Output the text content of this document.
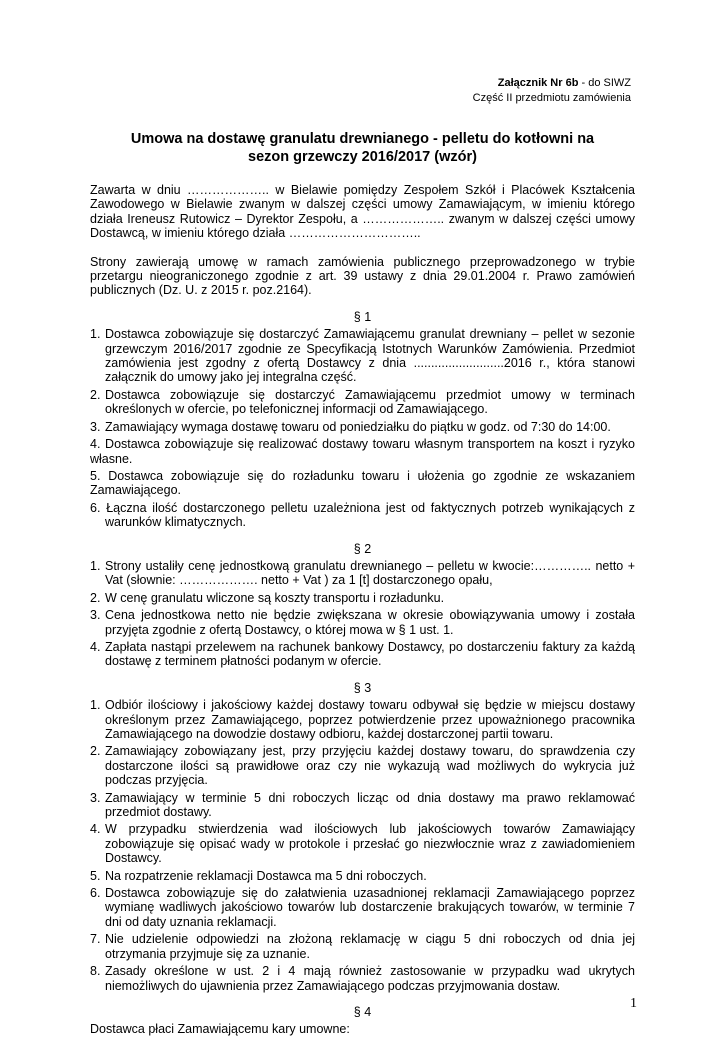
Załącznik Nr 6b - do SIWZ
Część II przedmiotu zamówienia
Umowa na dostawę granulatu drewnianego - pelletu do kotłowni na sezon grzewczy 2016/2017 (wzór)

Zawarta w dniu ……………….. w Bielawie pomiędzy Zespołem Szkół i Placówek Kształcenia Zawodowego w Bielawie zwanym w dalszej części umowy Zamawiającym, w imieniu którego działa Ireneusz Rutowicz – Dyrektor Zespołu, a ……………….. zwanym w dalszej części umowy Dostawcą, w imieniu którego działa …………………………..

Strony zawierają umowę w ramach zamówienia publicznego przeprowadzonego w trybie przetargu nieograniczonego zgodnie z art. 39 ustawy z dnia 29.01.2004 r. Prawo zamówień publicznych (Dz. U. z 2015 r. poz.2164).

§ 1

1. Dostawca zobowiązuje się dostarczyć Zamawiającemu granulat drewniany – pellet w sezonie grzewczym 2016/2017 zgodnie ze Specyfikacją Istotnych Warunków Zamówienia. Przedmiot zamówienia jest zgodny z ofertą Dostawcy z dnia ..........................2016 r., która stanowi załącznik do umowy jako jej integralna część.
2. Dostawca zobowiązuje się dostarczyć Zamawiającemu przedmiot umowy w terminach określonych w ofercie, po telefonicznej informacji od Zamawiającego.
3. Zamawiający wymaga dostawę towaru od poniedziałku do piątku w godz. od 7:30 do 14:00.
4. Dostawca zobowiązuje się realizować dostawy towaru własnym transportem na koszt i ryzyko własne.
5. Dostawca zobowiązuje się do rozładunku towaru i ułożenia go zgodnie ze wskazaniem Zamawiającego.
6. Łączna ilość dostarczonego pelletu uzależniona jest od faktycznych potrzeb wynikających z warunków klimatycznych.

§ 2

1. Strony ustaliły cenę jednostkową granulatu drewnianego – pelletu w kwocie:………….. netto + Vat (słownie: ………………. netto + Vat ) za 1 [t] dostarczonego opału,
2. W cenę granulatu wliczone są koszty transportu i rozładunku.
3. Cena jednostkowa netto nie będzie zwiększana w okresie obowiązywania umowy i została przyjęta zgodnie z ofertą Dostawcy, o której mowa w § 1 ust. 1.
4. Zapłata nastąpi przelewem na rachunek bankowy Dostawcy, po dostarczeniu faktury za każdą dostawę z terminem płatności podanym w ofercie.

§ 3

1. Odbiór ilościowy i jakościowy każdej dostawy towaru odbywał się będzie w miejscu dostawy określonym przez Zamawiającego, poprzez potwierdzenie przez upoważnionego pracownika Zamawiającego na dowodzie dostawy odbioru, każdej dostarczonej partii towaru.
2. Zamawiający zobowiązany jest, przy przyjęciu każdej dostawy towaru, do sprawdzenia czy dostarczone ilości są prawidłowe oraz czy nie wykazują wad możliwych do wykrycia już podczas przyjęcia.
3. Zamawiający w terminie 5 dni roboczych licząc od dnia dostawy ma prawo reklamować przedmiot dostawy.
4. W przypadku stwierdzenia wad ilościowych lub jakościowych towarów Zamawiający zobowiązuje się opisać wady w protokole i przesłać go niezwłocznie wraz z zawiadomieniem Dostawcy.
5. Na rozpatrzenie reklamacji Dostawca ma 5 dni roboczych.
6. Dostawca zobowiązuje się do załatwienia uzasadnionej reklamacji Zamawiającego poprzez wymianę wadliwych jakościowo towarów lub dostarczenie brakujących towarów, w terminie 7 dni od daty uznania reklamacji.
7. Nie udzielenie odpowiedzi na złożoną reklamację w ciągu 5 dni roboczych od dnia jej otrzymania przyjmuje się za uznanie.
8. Zasady określone w ust. 2 i 4 mają również zastosowanie w przypadku wad ukrytych niemożliwych do ujawnienia przez Zamawiającego podczas przyjmowania dostaw.

§ 4

Dostawca płaci Zamawiającemu kary umowne:

1
